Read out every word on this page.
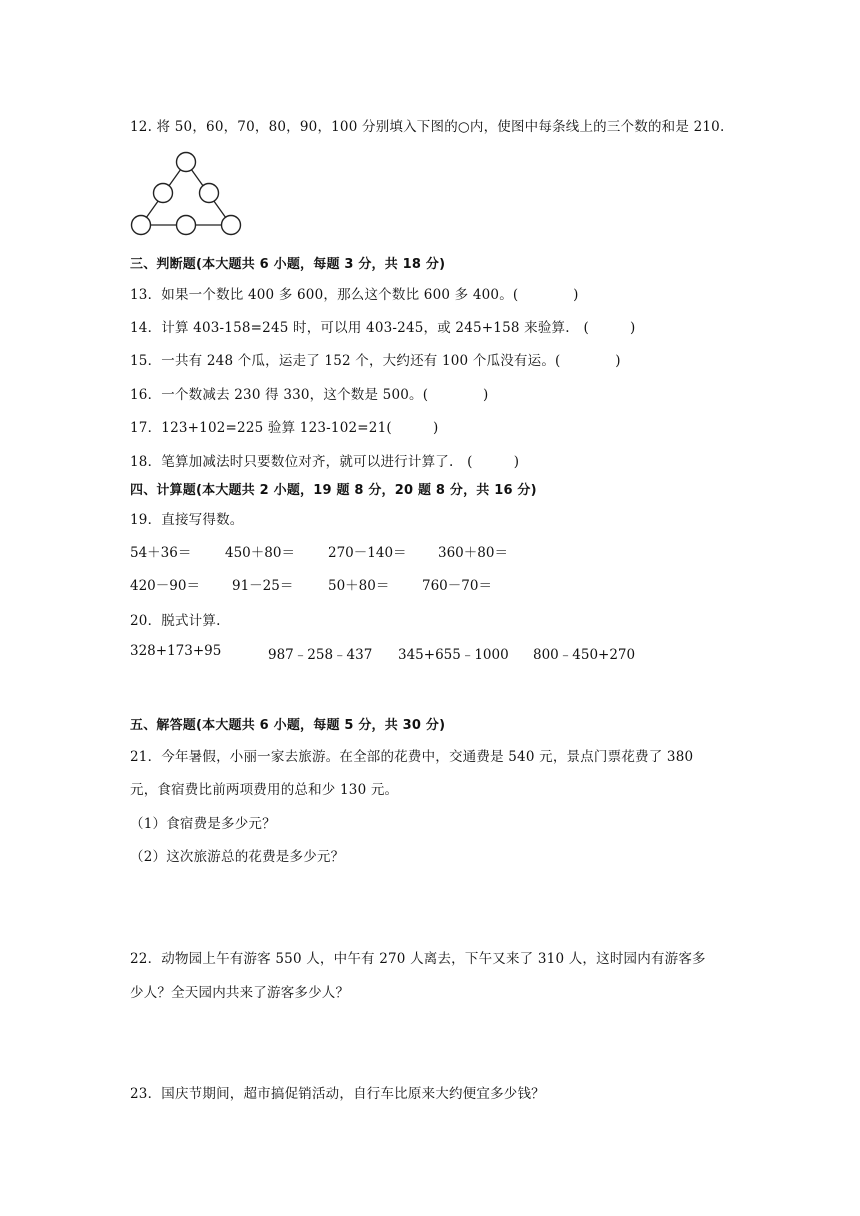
12. 将 50，60，70，80，90，100 分别填入下图的○内，使图中每条线上的三个数的和是 210.
三、判断题(本大题共 6 小题，每题 3 分，共 18 分)
13．如果一个数比 400 多 600，那么这个数比 600 多 400。(　　　　)
14．计算 403-158=245 时，可以用 403-245，或 245+158 来验算.　(　　　)
15．一共有 248 个瓜，运走了 152 个，大约还有 100 个瓜没有运。(　　　　)
16．一个数减去 230 得 330，这个数是 500。(　　　　)
17．123+102=225 验算 123-102=21(　　　)
18．笔算加减法时只要数位对齐，就可以进行计算了.　(　　　)
四、计算题(本大题共 2 小题，19 题 8 分，20 题 8 分，共 16 分)
19．直接写得数。
54＋36＝ 450＋80＝ 270－140＝ 360＋80＝
420－90＝ 91－25＝	50＋80＝ 760－70＝
20．脱式计算.
328+173+95	987﹣258﹣437 345+655﹣1000 800﹣450+270
五、解答题(本大题共 6 小题，每题 5 分，共 30 分)
21．今年暑假，小丽一家去旅游。在全部的花费中，交通费是 540 元，景点门票花费了 380
元，食宿费比前两项费用的总和少 130 元。
（1）食宿费是多少元？
（2）这次旅游总的花费是多少元？
22．动物园上午有游客 550 人，中午有 270 人离去，下午又来了 310 人，这时园内有游客多
少人？全天园内共来了游客多少人？
23．国庆节期间，超市搞促销活动，自行车比原来大约便宜多少钱？
